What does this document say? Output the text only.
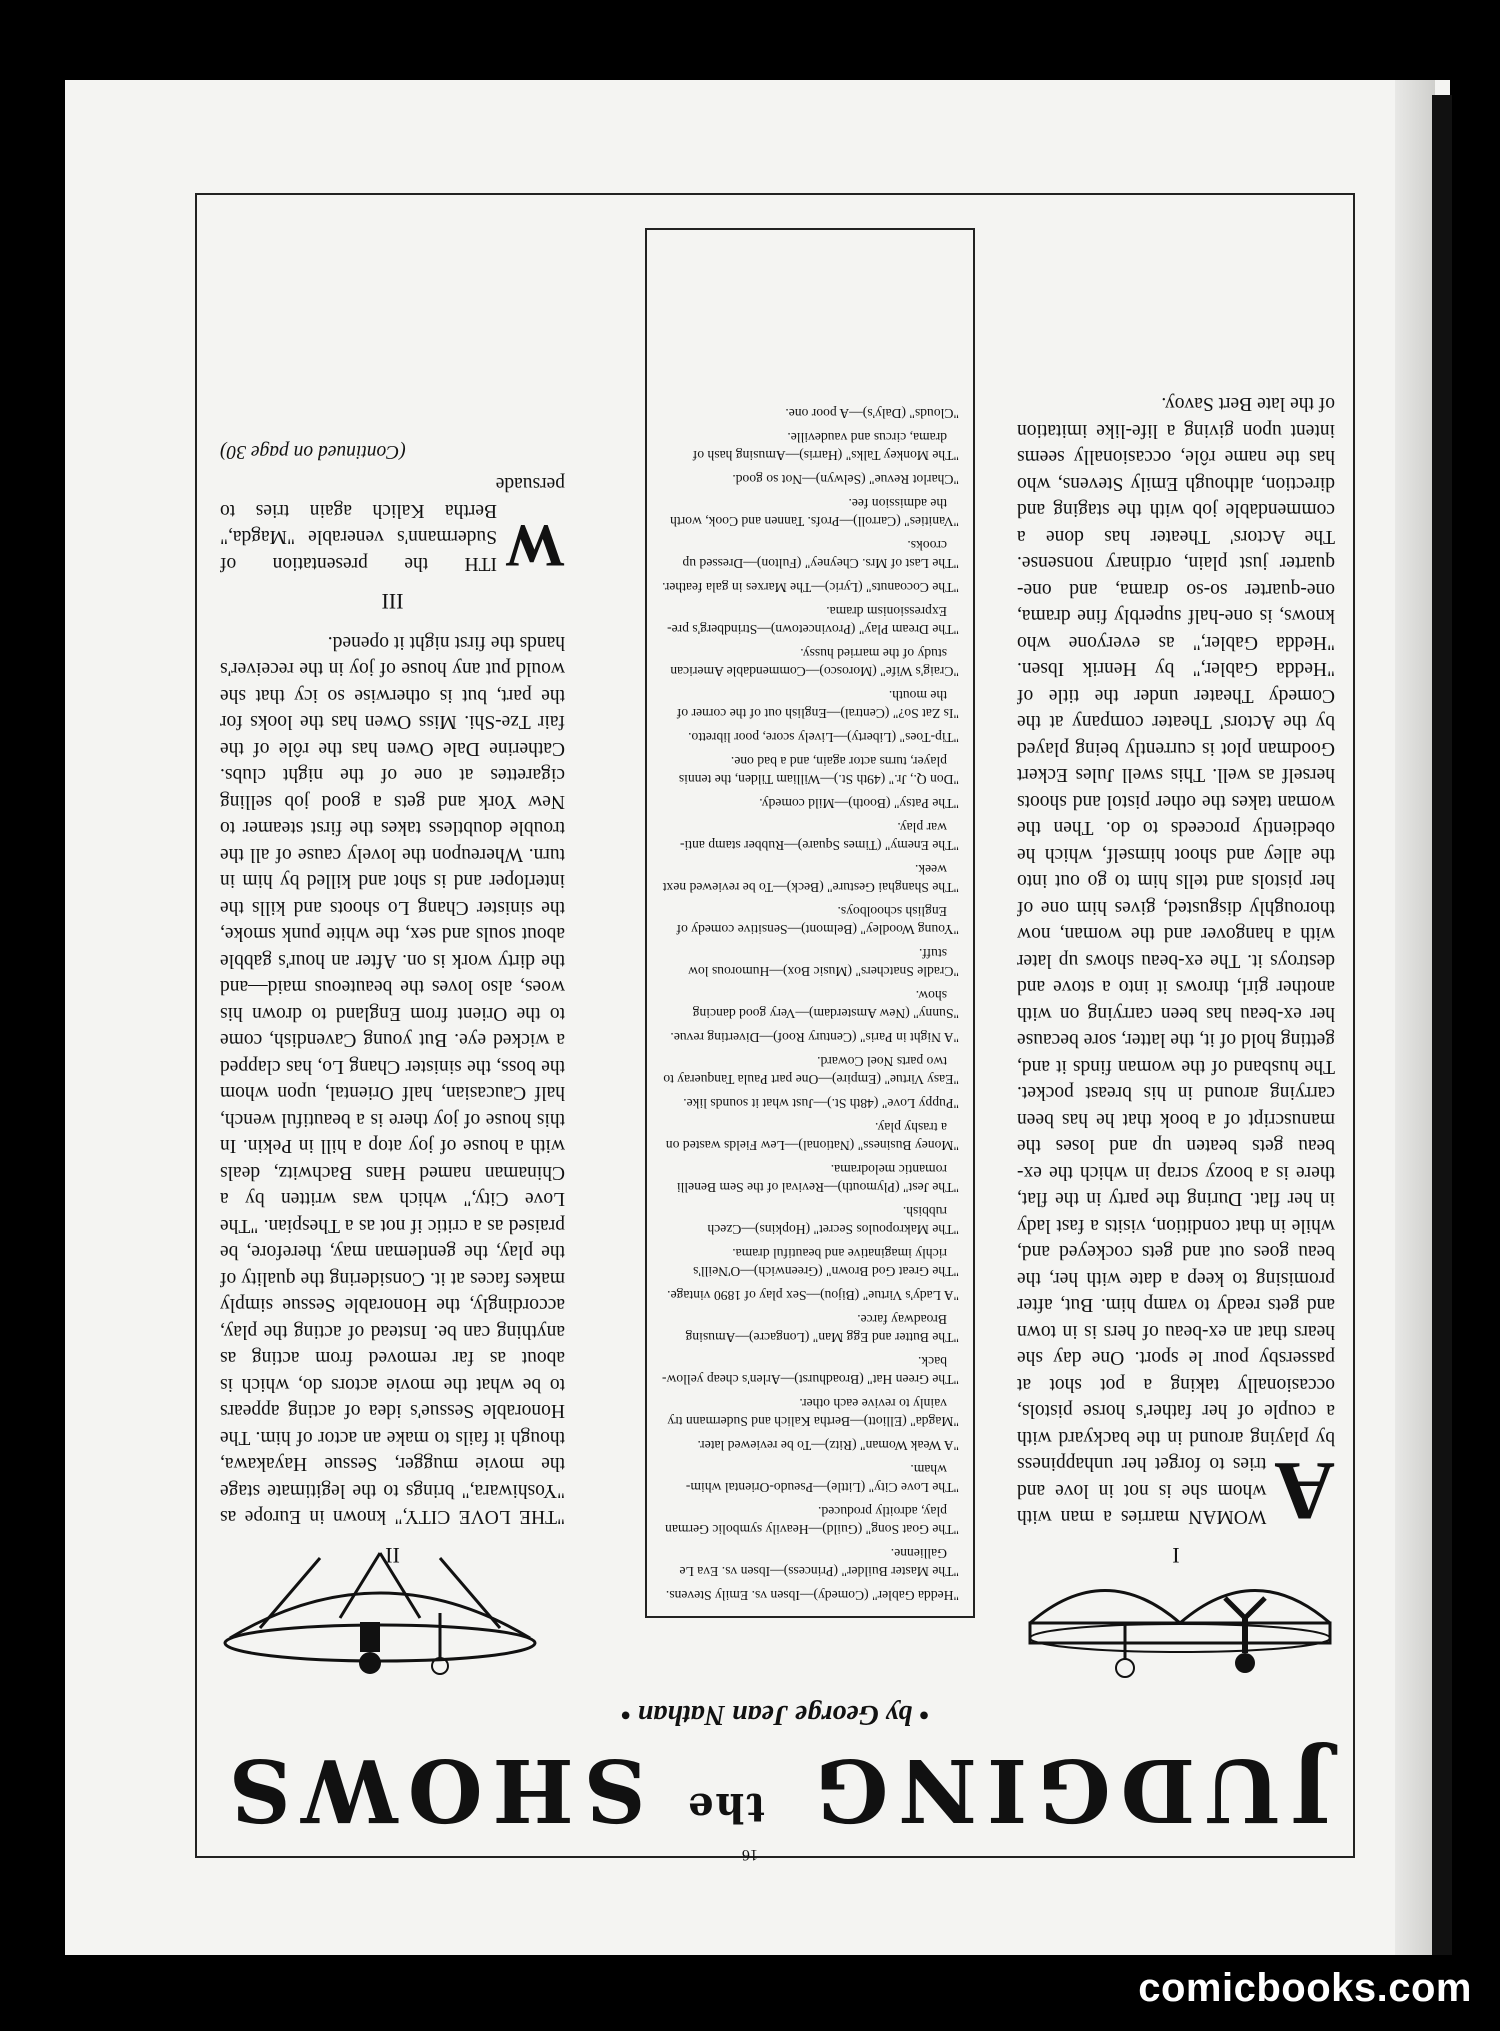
16
JUDGING $^{the}$ SHOWS
• by George Jean Nathan •
I

A
WOMAN marries a man with whom she is not in love and tries to forget her unhappiness by playing around in the backyard with a couple of her father's horse pistols, occasionally taking a pot shot at passersby pour le sport. One day she hears that an ex-beau of hers is in town and gets ready to vamp him. But, after promising to keep a date with her, the beau goes out and gets cockeyed and, while in that condition, visits a fast lady in her flat. During the party in the flat, there is a boozy scrap in which the ex-beau gets beaten up and loses the manuscript of a book that he has been carrying around in his breast pocket. The husband of the woman finds it and, getting hold of it, the latter, sore because her ex-beau has been carrying on with another girl, throws it into a stove and destroys it. The ex-beau shows up later with a hangover and the woman, now thoroughly disgusted, gives him one of her pistols and tells him to go out into the alley and shoot himself, which he obediently proceeds to do. Then the woman takes the other pistol and shoots herself as well. This swell Jules Eckert Goodman plot is currently being played by the Actors' Theater company at the Comedy Theater under the title of "Hedda Gabler," by Henrik Ibsen. "Hedda Gabler," as everyone who knows, is one-half superbly fine drama, one-quarter so-so drama, and one-quarter just plain, ordinary nonsense. The Actors' Theater has done a commendable job with the staging and direction, although Emily Stevens, who has the name rôle, occasionally seems intent upon giving a life-like imitation of the late Bert Savoy.

"Hedda Gabler" (Comedy)—Ibsen vs. Emily Stevens.

"The Master Builder" (Princess)—Ibsen vs. Eva Le Gallienne.

"The Goat Song" (Guild)—Heavily symbolic German play, adroitly produced.

"The Love City" (Little)—Pseudo-Oriental whim-wham.

"A Weak Woman" (Ritz)—To be reviewed later.

"Magda" (Elliott)—Bertha Kalich and Sudermann try vainly to revive each other.

"The Green Hat" (Broadhurst)—Arlen's cheap yellow-back.

"The Butter and Egg Man" (Longacre)—Amusing Broadway farce.

"A Lady's Virtue" (Bijou)—Sex play of 1890 vintage.

"The Great God Brown" (Greenwich)—O'Neill's richly imaginative and beautiful drama.

"The Makropoulos Secret" (Hopkins)—Czech rubbish.

"The Jest" (Plymouth)—Revival of the Sem Benelli romantic melodrama.

"Money Business" (National)—Lew Fields wasted on a trashy play.

"Puppy Love" (48th St.)—Just what it sounds like.

"Easy Virtue" (Empire)—One part Paula Tanqueray to two parts Noel Coward.

"A Night in Paris" (Century Roof)—Diverting revue.

"Sunny" (New Amsterdam)—Very good dancing show.

"Cradle Snatchers" (Music Box)—Humorous low stuff.

"Young Woodley" (Belmont)—Sensitive comedy of English schoolboys.

"The Shanghai Gesture" (Beck)—To be reviewed next week.

"The Enemy" (Times Square)—Rubber stamp anti-war play.

"The Patsy" (Booth)—Mild comedy.

"Don Q., Jr." (49th St.)—William Tilden, the tennis player, turns actor again, and a bad one.

"Tip-Toes" (Liberty)—Lively score, poor libretto.

"Is Zat So?" (Central)—English out of the corner of the mouth.

"Craig's Wife" (Morosco)—Commendable American study of the married hussy.

"The Dream Play" (Provincetown)—Strindberg's pre-Expressionism drama.

"The Cocoanuts" (Lyric)—The Marxes in gala feather.

"The Last of Mrs. Cheyney" (Fulton)—Dressed up crooks.

"Vanities" (Carroll)—Profs. Tannen and Cook, worth the admission fee.

"Charlot Revue" (Selwyn)—Not so good.

"The Monkey Talks" (Harris)—Amusing hash of drama, circus and vaudeville.

"Clouds" (Daly's)—A poor one.

II

"THE LOVE CITY," known in Europe as "Yoshiwara," brings to the legitimate stage the movie mugger, Sessue Hayakawa, though it fails to make an actor of him. The Honorable Sessue's idea of acting appears to be what the movie actors do, which is about as far removed from acting as anything can be. Instead of acting the play, accordingly, the Honorable Sessue simply makes faces at it. Considering the quality of the play, the gentleman may, therefore, be praised as a critic if not as a Thespian. "The Love City," which was written by a Chinaman named Hans Bachwitz, deals with a house of joy atop a hill in Pekin. In this house of joy there is a beautiful wench, half Caucasian, half Oriental, upon whom the boss, the sinister Chang Lo, has clapped a wicked eye. But young Cavendish, come to the Orient from England to drown his woes, also loves the beauteous maid—and the dirty work is on. After an hour's gabble about souls and sex, the white punk smoke, the sinister Chang Lo shoots and kills the interloper and is shot and killed by him in turn. Whereupon the lovely cause of all the trouble doubtless takes the first steamer to New York and gets a good job selling cigarettes at one of the night clubs. Catherine Dale Owen has the rôle of the fair Tze-Shi. Miss Owen has the looks for the part, but is otherwise so icy that she would put any house of joy in the receiver's hands the first night it opened.

III

W
ITH the presentation of Sudermann's venerable "Magda," Bertha Kalich again tries to persuade

(Continued on page 30)
comicbooks.com
